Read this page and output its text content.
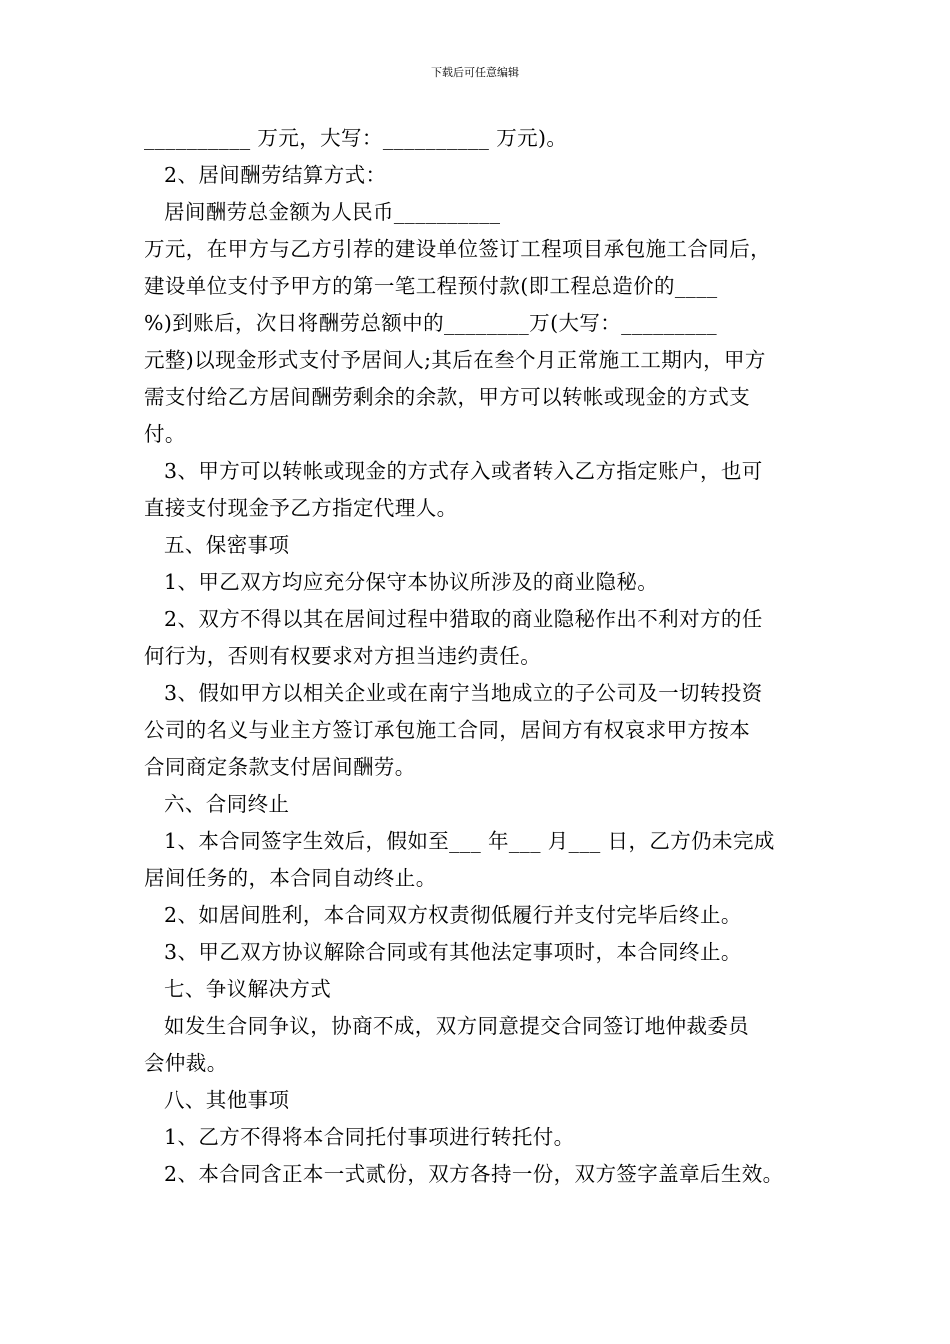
下载后可任意编辑
__________ 万元，大写：__________ 万元)。
2、居间酬劳结算方式：
居间酬劳总金额为人民币__________
万元，在甲方与乙方引荐的建设单位签订工程项目承包施工合同后，
建设单位支付予甲方的第一笔工程预付款(即工程总造价的____
%)到账后，次日将酬劳总额中的________万(大写：_________
元整)以现金形式支付予居间人;其后在叁个月正常施工工期内，甲方
需支付给乙方居间酬劳剩余的余款，甲方可以转帐或现金的方式支
付。
3、甲方可以转帐或现金的方式存入或者转入乙方指定账户，也可
直接支付现金予乙方指定代理人。
五、保密事项
1、甲乙双方均应充分保守本协议所涉及的商业隐秘。
2、双方不得以其在居间过程中猎取的商业隐秘作出不利对方的任
何行为，否则有权要求对方担当违约责任。
3、假如甲方以相关企业或在南宁当地成立的子公司及一切转投资
公司的名义与业主方签订承包施工合同，居间方有权哀求甲方按本
合同商定条款支付居间酬劳。
六、合同终止
1、本合同签字生效后，假如至___ 年___ 月___ 日，乙方仍未完成
居间任务的，本合同自动终止。
2、如居间胜利，本合同双方权责彻低履行并支付完毕后终止。
3、甲乙双方协议解除合同或有其他法定事项时，本合同终止。
七、争议解决方式
如发生合同争议，协商不成，双方同意提交合同签订地仲裁委员
会仲裁。
八、其他事项
1、乙方不得将本合同托付事项进行转托付。
2、本合同含正本一式贰份，双方各持一份，双方签字盖章后生效。
